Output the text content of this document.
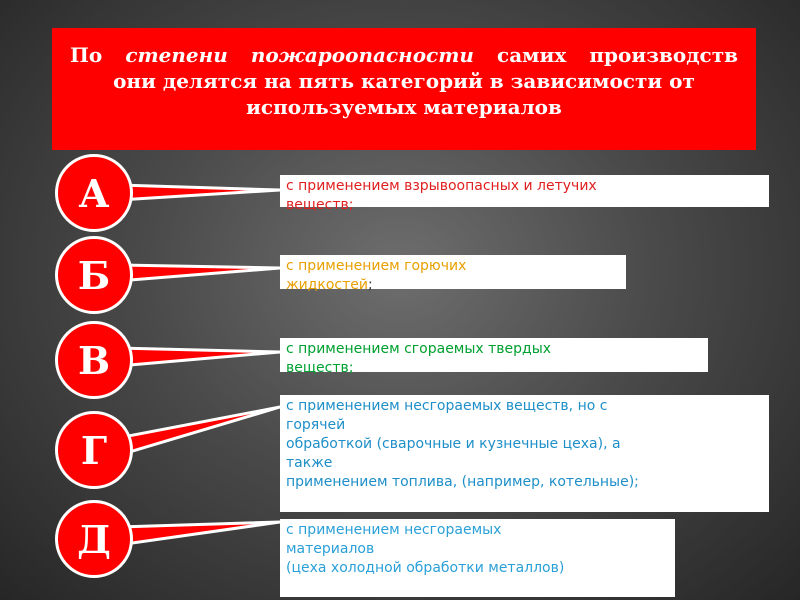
По степени пожароопасности самих производств
они делятся на пять категорий в зависимости от
используемых материалов
А
Б
В
Г
Д
с применением взрывоопасных и летучих
веществ;
с применением горючих
жидкостей;
с применением сгораемых твердых
веществ;
с применением несгораемых веществ, но с
горячей
обработкой (сварочные и кузнечные цеха), а
также
применением топлива, (например, котельные);
с применением несгораемых
материалов
(цеха холодной обработки металлов)
